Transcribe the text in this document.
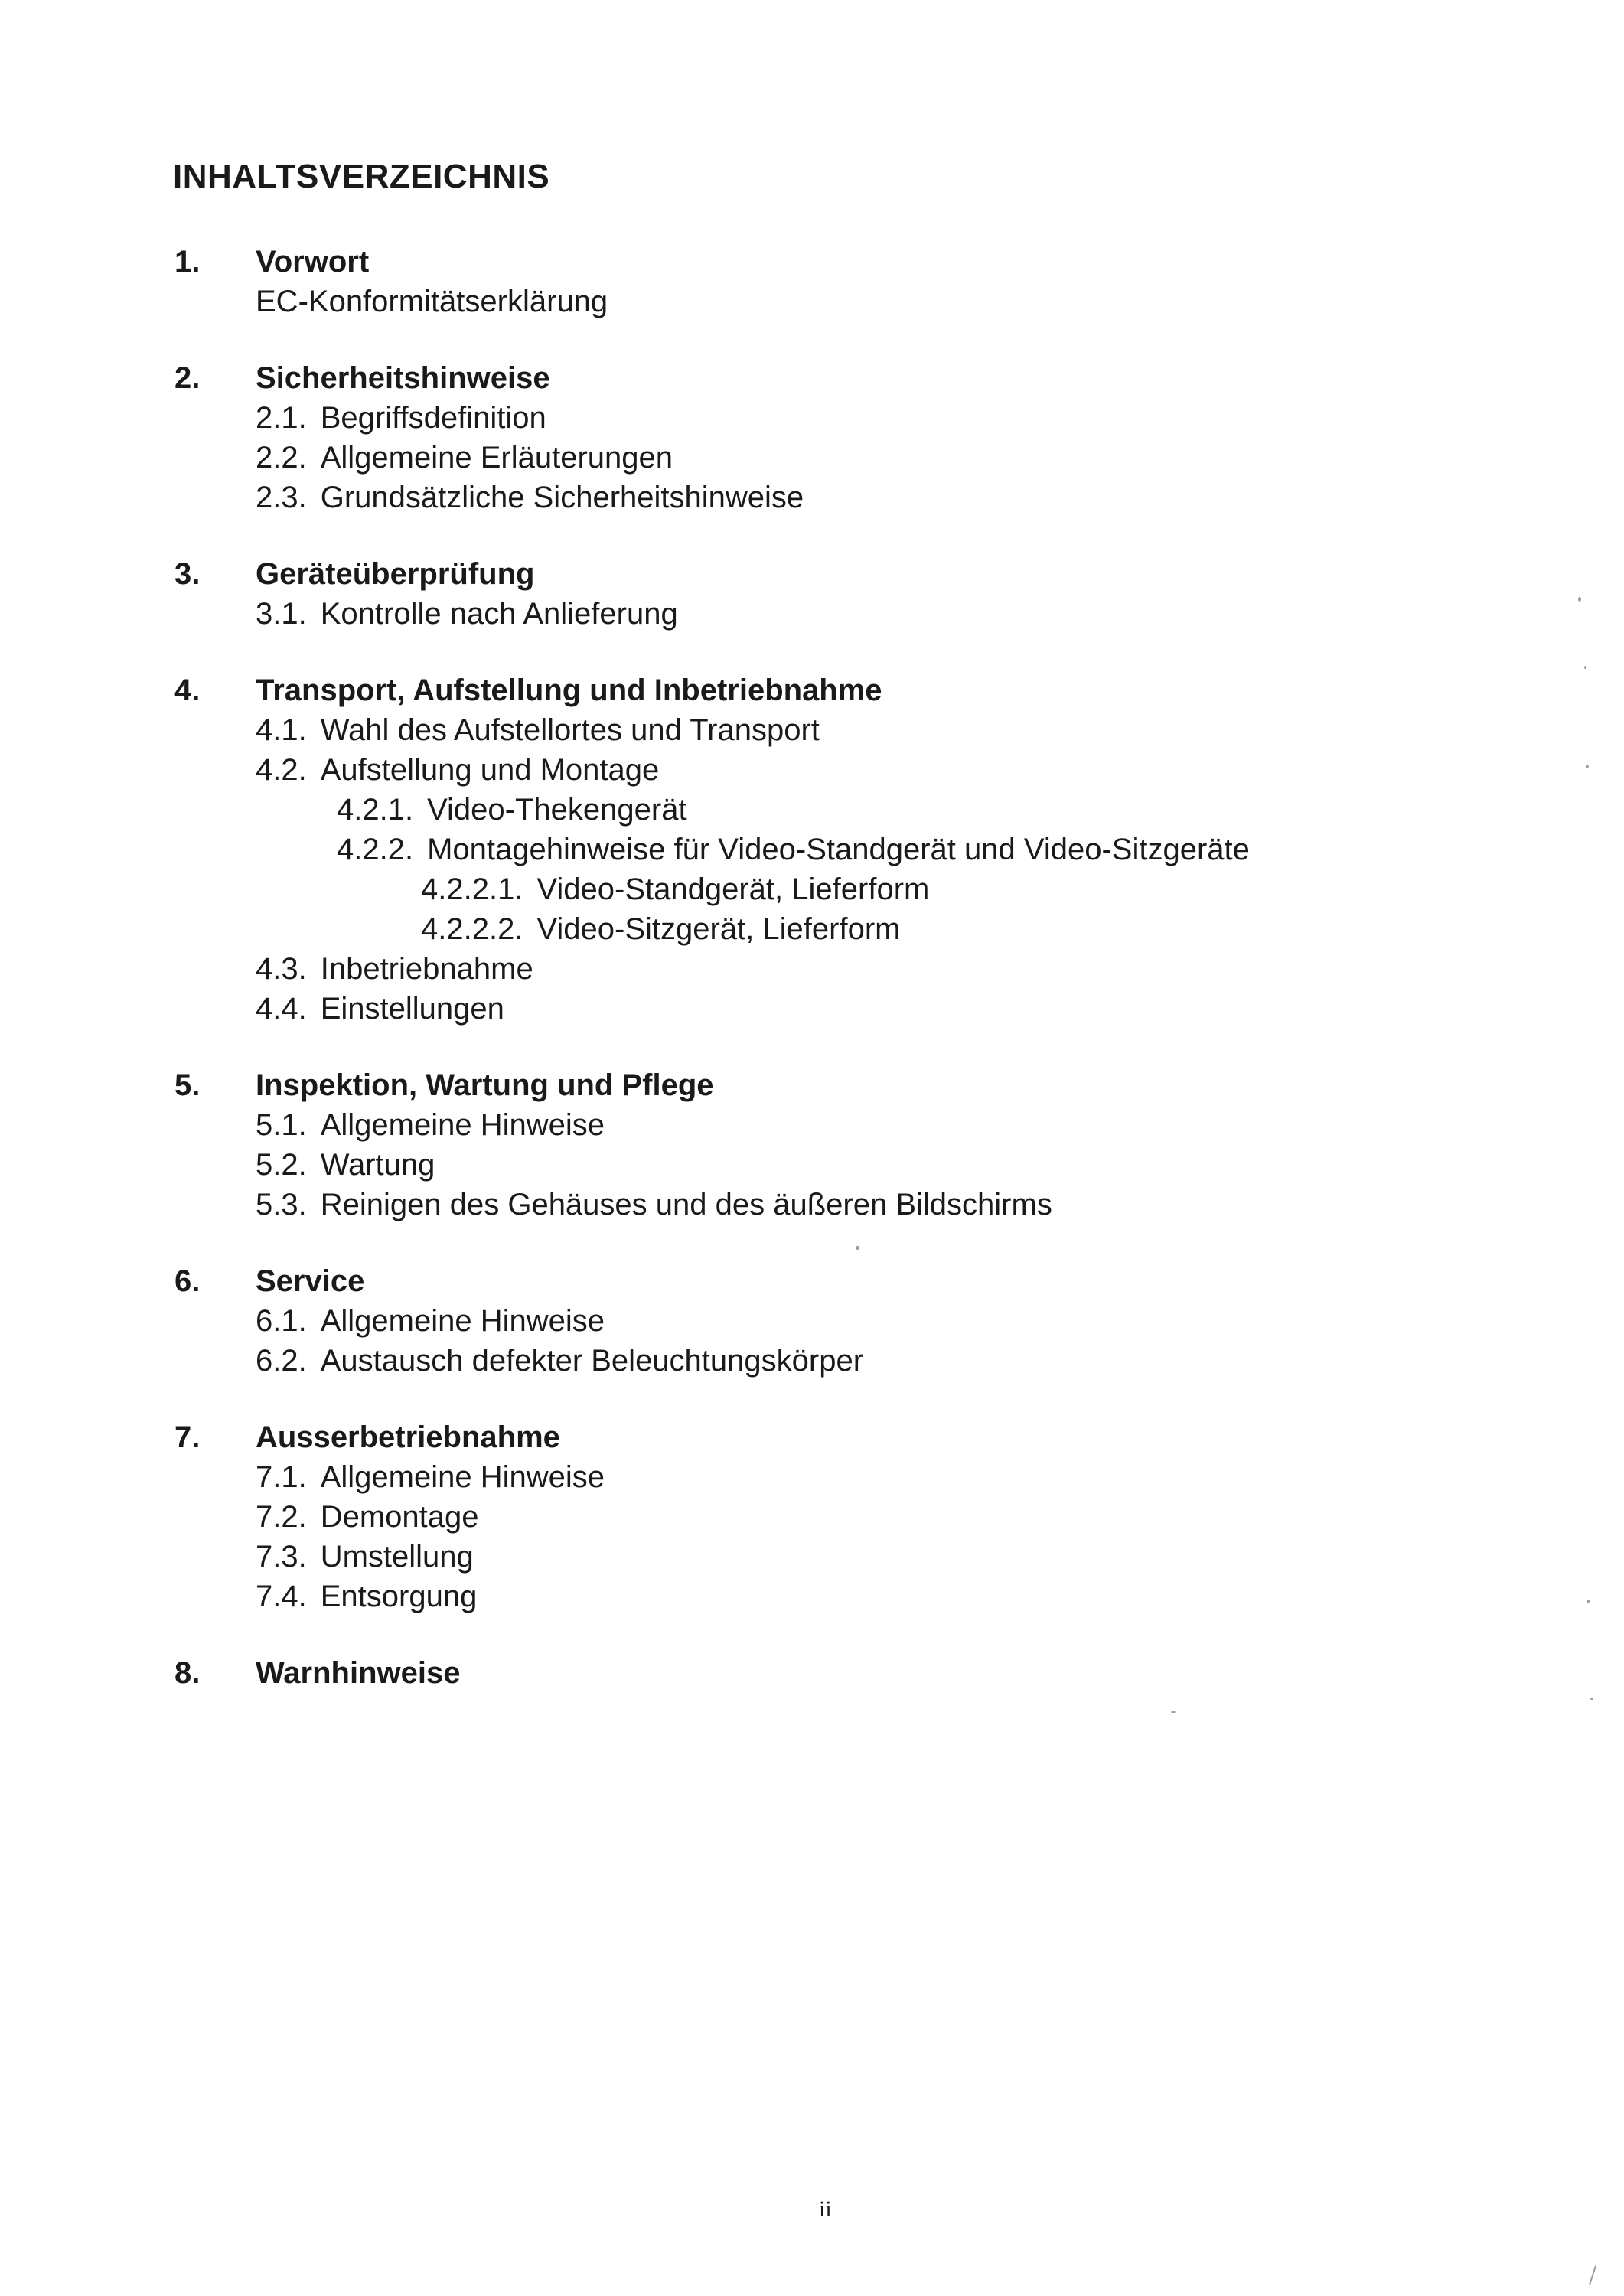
INHALTSVERZEICHNIS
1.	Vorwort
EC-Konformitätserklärung
2.	Sicherheitshinweise
2.1. Begriffsdefinition
2.2. Allgemeine Erläuterungen
2.3. Grundsätzliche Sicherheitshinweise
3.	Geräteüberprüfung
3.1. Kontrolle nach Anlieferung
4.	Transport, Aufstellung und Inbetriebnahme
4.1. Wahl des Aufstellortes und Transport
4.2. Aufstellung und Montage
4.2.1. Video-Thekengerät
4.2.2. Montagehinweise für Video-Standgerät und Video-Sitzgeräte
4.2.2.1. Video-Standgerät, Lieferform
4.2.2.2. Video-Sitzgerät, Lieferform
4.3. Inbetriebnahme
4.4. Einstellungen
5.	Inspektion, Wartung und Pflege
5.1. Allgemeine Hinweise
5.2. Wartung
5.3. Reinigen des Gehäuses und des äußeren Bildschirms
6.	Service
6.1. Allgemeine Hinweise
6.2. Austausch defekter Beleuchtungskörper
7.	Ausserbetriebnahme
7.1. Allgemeine Hinweise
7.2. Demontage
7.3. Umstellung
7.4. Entsorgung
8.	Warnhinweise
ii
